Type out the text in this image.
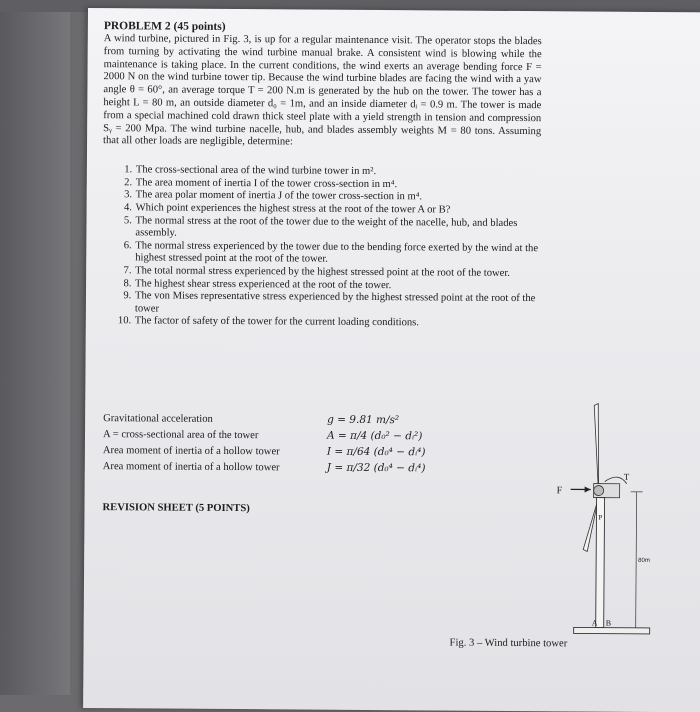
PROBLEM 2 (45 points)

A wind turbine, pictured in Fig. 3, is up for a regular maintenance visit. The operator stops the blades from turning by activating the wind turbine manual brake. A consistent wind is blowing while the maintenance is taking place. In the current conditions, the wind exerts an average bending force F = 2000 N on the wind turbine tower tip. Because the wind turbine blades are facing the wind with a yaw angle θ = 60°, an average torque T = 200 N.m is generated by the hub on the tower. The tower has a height L = 80 m, an outside diameter d₀ = 1m, and an inside diameter dᵢ = 0.9 m. The tower is made from a special machined cold drawn thick steel plate with a yield strength in tension and compression Sᵧ = 200 Mpa. The wind turbine nacelle, hub, and blades assembly weights M = 80 tons. Assuming that all other loads are negligible, determine:

1. The cross-sectional area of the wind turbine tower in m².
2. The area moment of inertia I of the tower cross-section in m⁴.
3. The area polar moment of inertia J of the tower cross-section in m⁴.
4. Which point experiences the highest stress at the root of the tower A or B?
5. The normal stress at the root of the tower due to the weight of the nacelle, hub, and blades assembly.
6. The normal stress experienced by the tower due to the bending force exerted by the wind at the highest stressed point at the root of the tower.
7. The total normal stress experienced by the highest stressed point at the root of the tower.
8. The highest shear stress experienced at the root of the tower.
9. The von Mises representative stress experienced by the highest stressed point at the root of the tower
10. The factor of safety of the tower for the current loading conditions.
Gravitational acceleration	g = 9.81 m/s²
A = cross-sectional area of the tower	A = π/4 (d₀² − dᵢ²)
Area moment of inertia of a hollow tower	I = π/64 (d₀⁴ − dᵢ⁴)
Area moment of inertia of a hollow tower	J = π/32 (d₀⁴ − dᵢ⁴)
REVISION SHEET (5 POINTS)
T
F
P
80m
A B
Fig. 3 – Wind turbine tower
